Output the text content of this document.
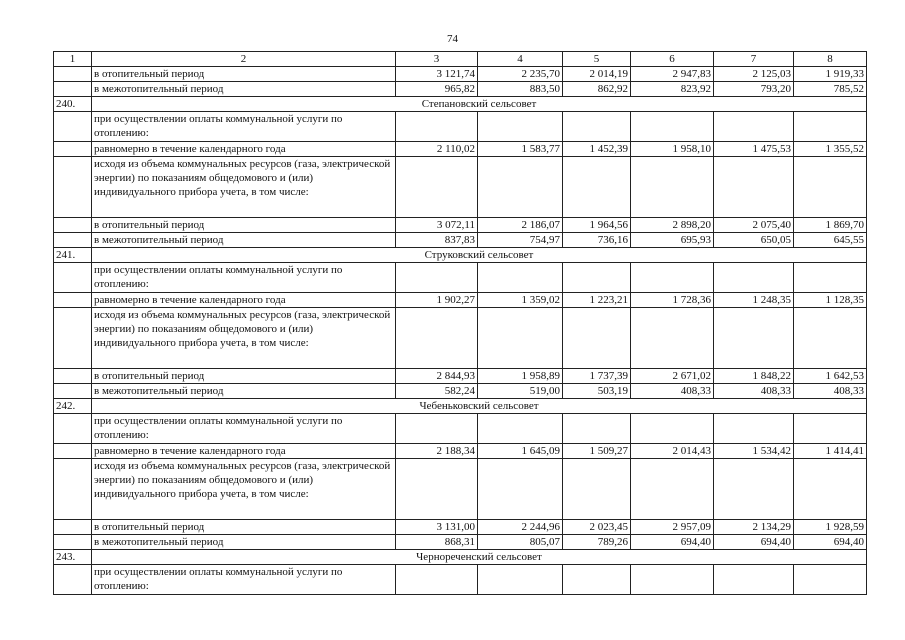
74
1	2	3	4	5	6	7	8
	в отопительный период	3 121,74	2 235,70	2 014,19	2 947,83	2 125,03	1 919,33
	в межотопительный период	965,82	883,50	862,92	823,92	793,20	785,52
240.	Степановский сельсовет						
	при осуществлении оплаты коммунальной услуги по отоплению:						
	равномерно в течение календарного года	2 110,02	1 583,77	1 452,39	1 958,10	1 475,53	1 355,52
	исходя из объема коммунальных ресурсов (газа, электрической энергии) по показаниям общедомового и (или) индивидуального прибора учета, в том числе:						
	в отопительный период	3 072,11	2 186,07	1 964,56	2 898,20	2 075,40	1 869,70
	в межотопительный период	837,83	754,97	736,16	695,93	650,05	645,55
241.	Струковский сельсовет						
	при осуществлении оплаты коммунальной услуги по отоплению:						
	равномерно в течение календарного года	1 902,27	1 359,02	1 223,21	1 728,36	1 248,35	1 128,35
	исходя из объема коммунальных ресурсов (газа, электрической энергии) по показаниям общедомового и (или) индивидуального прибора учета, в том числе:						
	в отопительный период	2 844,93	1 958,89	1 737,39	2 671,02	1 848,22	1 642,53
	в межотопительный период	582,24	519,00	503,19	408,33	408,33	408,33
242.	Чебеньковский сельсовет						
	при осуществлении оплаты коммунальной услуги по отоплению:						
	равномерно в течение календарного года	2 188,34	1 645,09	1 509,27	2 014,43	1 534,42	1 414,41
	исходя из объема коммунальных ресурсов (газа, электрической энергии) по показаниям общедомового и (или) индивидуального прибора учета, в том числе:						
	в отопительный период	3 131,00	2 244,96	2 023,45	2 957,09	2 134,29	1 928,59
	в межотопительный период	868,31	805,07	789,26	694,40	694,40	694,40
243.	Чернореченский сельсовет						
	при осуществлении оплаты коммунальной услуги по отоплению:						
